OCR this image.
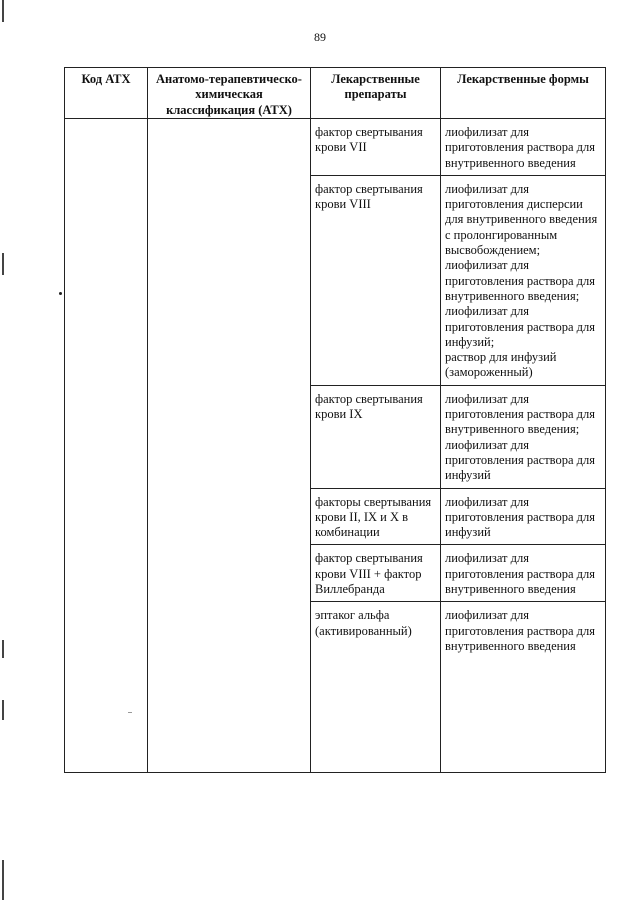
89
Код АТХ	Анатомо-терапевтическо-химическая классификация (АТХ)	Лекарственные препараты	Лекарственные формы
		фактор свертывания крови VII	лиофилизат для приготовления раствора для внутривенного введения

		фактор свертывания крови VIII	лиофилизат для приготовления дисперсии для внутривенного введения с пролонгированным высвобождением;
лиофилизат для приготовления раствора для внутривенного введения;
лиофилизат для приготовления раствора для инфузий;
раствор для инфузий (замороженный)

		фактор свертывания крови IX	лиофилизат для приготовления раствора для внутривенного введения;
лиофилизат для приготовления раствора для инфузий

		факторы свертывания крови II, IX и X в комбинации	лиофилизат для приготовления раствора для инфузий

		фактор свертывания крови VIII + фактор Виллебранда	лиофилизат для приготовления раствора для внутривенного введения

		эптаког альфа (активированный)	лиофилизат для приготовления раствора для внутривенного введения
